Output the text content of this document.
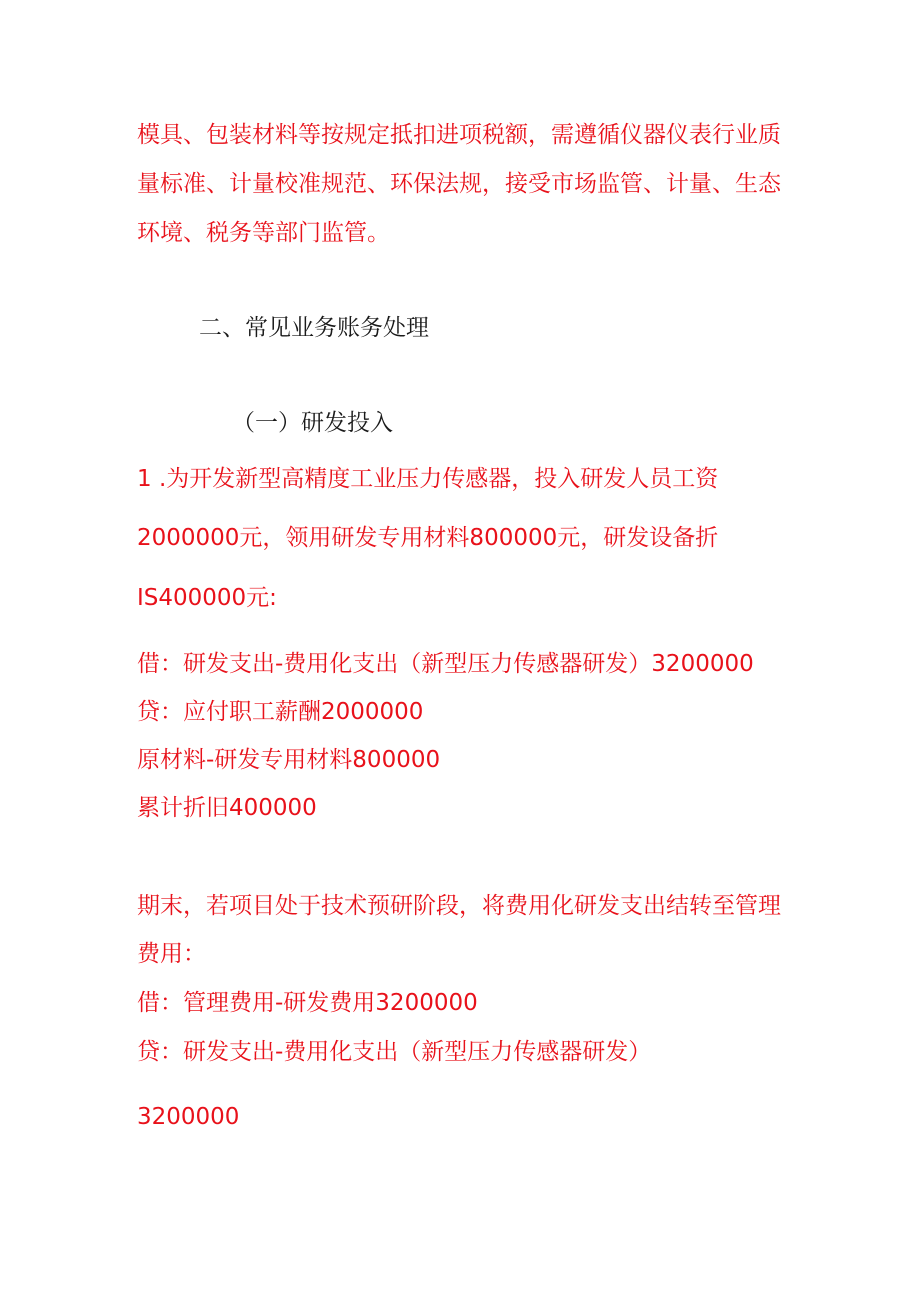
模具、包装材料等按规定抵扣进项税额，需遵循仪器仪表行业质
量标准、计量校准规范、环保法规，接受市场监管、计量、生态
环境、税务等部门监管。
二、常见业务账务处理
（一）研发投入
1 .为开发新型高精度工业压力传感器，投入研发人员工资
2000000元，领用研发专用材料800000元，研发设备折
IS400000元:
借：研发支出-费用化支出（新型压力传感器研发）3200000
贷：应付职工薪酬2000000
原材料-研发专用材料800000
累计折旧400000
期末，若项目处于技术预研阶段，将费用化研发支出结转至管理
费用：
借：管理费用-研发费用3200000
贷：研发支出-费用化支出（新型压力传感器研发）
3200000
